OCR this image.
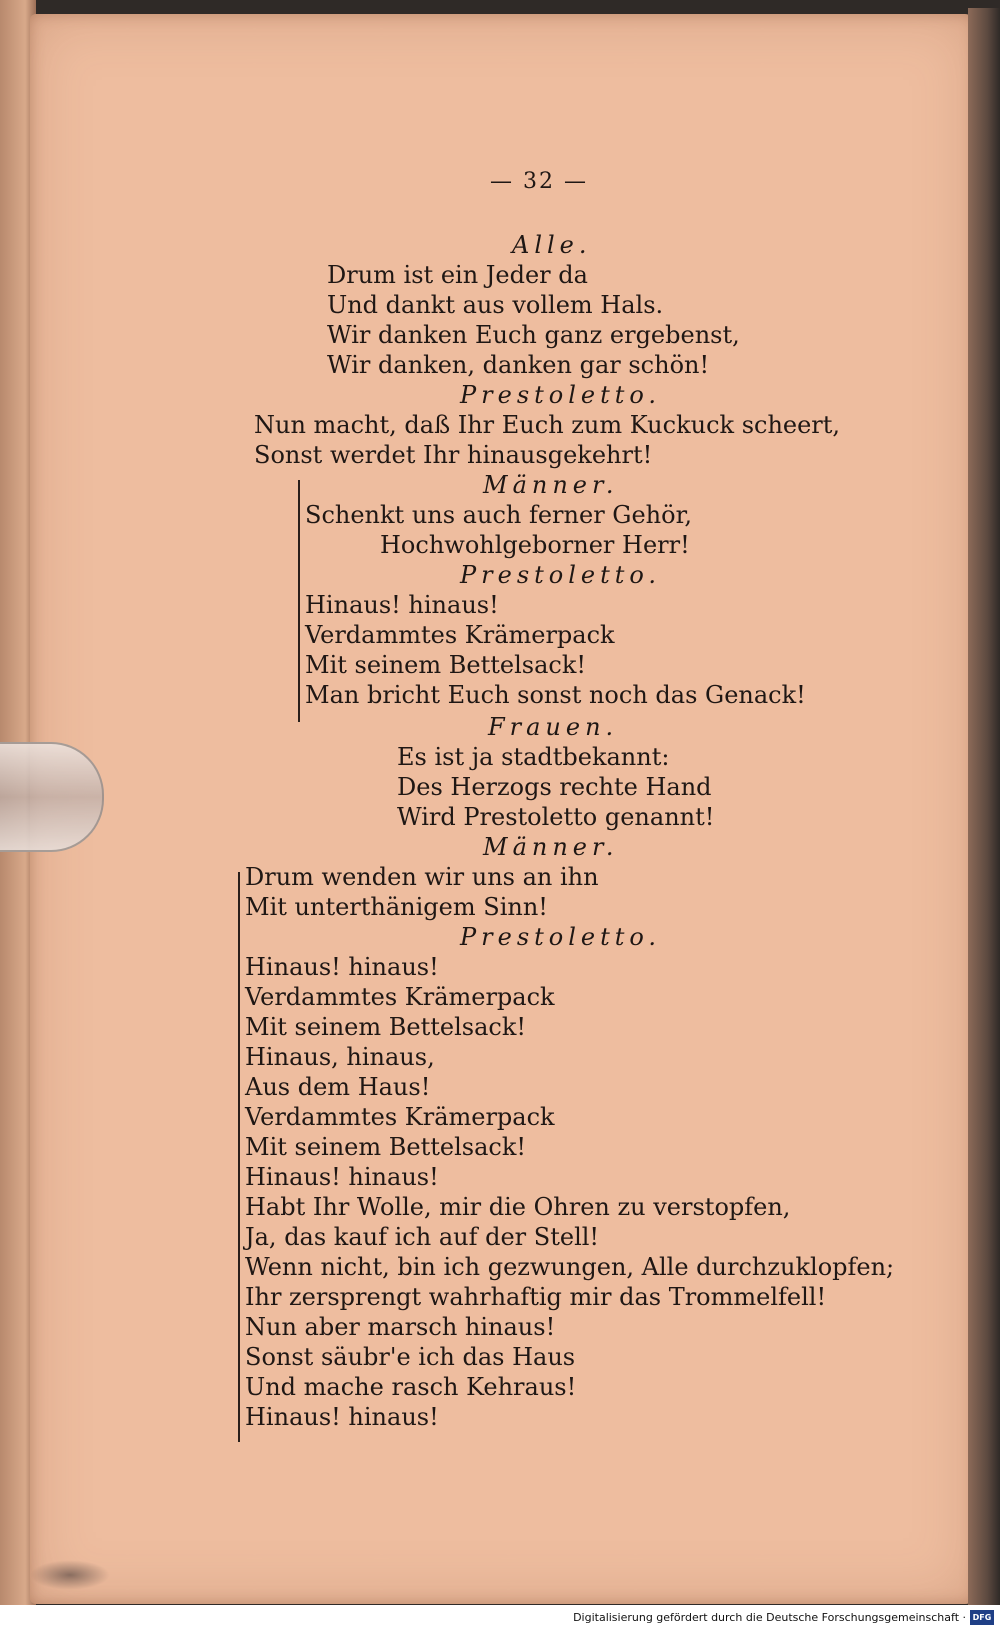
— 32 —
Alle.
Drum ist ein Jeder da
Und dankt aus vollem Hals.
Wir danken Euch ganz ergebenst,
Wir danken, danken gar schön!
Prestoletto.
Nun macht, daß Ihr Euch zum Kuckuck scheert,
Sonst werdet Ihr hinausgekehrt!
Männer.
Schenkt uns auch ferner Gehör,
Hochwohlgeborner Herr!
Prestoletto.
Hinaus! hinaus!
Verdammtes Krämerpack
Mit seinem Bettelsack!
Man bricht Euch sonst noch das Genack!
Frauen.
Es ist ja stadtbekannt:
Des Herzogs rechte Hand
Wird Prestoletto genannt!
Männer.
Drum wenden wir uns an ihn
Mit unterthänigem Sinn!
Prestoletto.
Hinaus! hinaus!
Verdammtes Krämerpack
Mit seinem Bettelsack!
Hinaus, hinaus,
Aus dem Haus!
Verdammtes Krämerpack
Mit seinem Bettelsack!
Hinaus! hinaus!
Habt Ihr Wolle, mir die Ohren zu verstopfen,
Ja, das kauf ich auf der Stell!
Wenn nicht, bin ich gezwungen, Alle durchzuklopfen;
Ihr zersprengt wahrhaftig mir das Trommelfell!
Nun aber marsch hinaus!
Sonst säubr'e ich das Haus
Und mache rasch Kehraus!
Hinaus! hinaus!
Digitalisierung gefördert durch die Deutsche Forschungsgemeinschaft · DFG
